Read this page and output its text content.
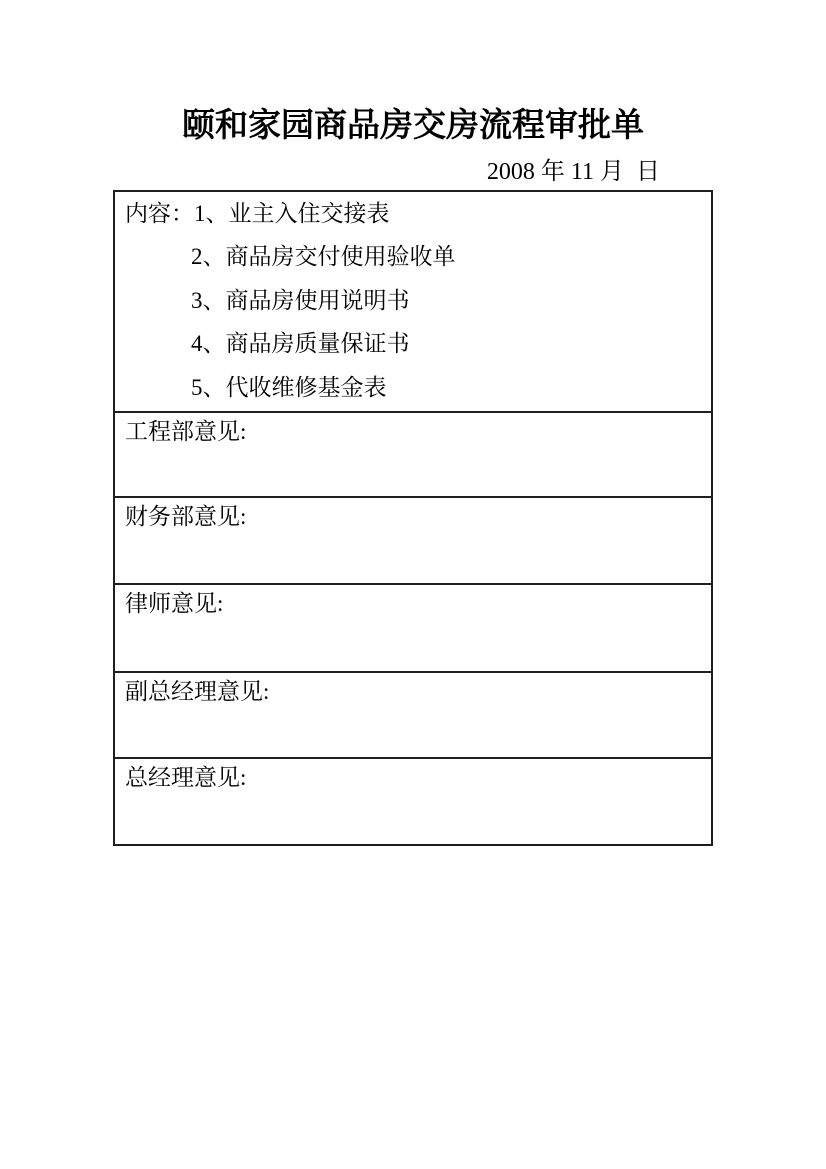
颐和家园商品房交房流程审批单
2008 年 11 月  日
内容：1、业主入住交接表
2、商品房交付使用验收单
3、商品房使用说明书
4、商品房质量保证书
5、代收维修基金表
工程部意见:
财务部意见:
律师意见:
副总经理意见:
总经理意见:
